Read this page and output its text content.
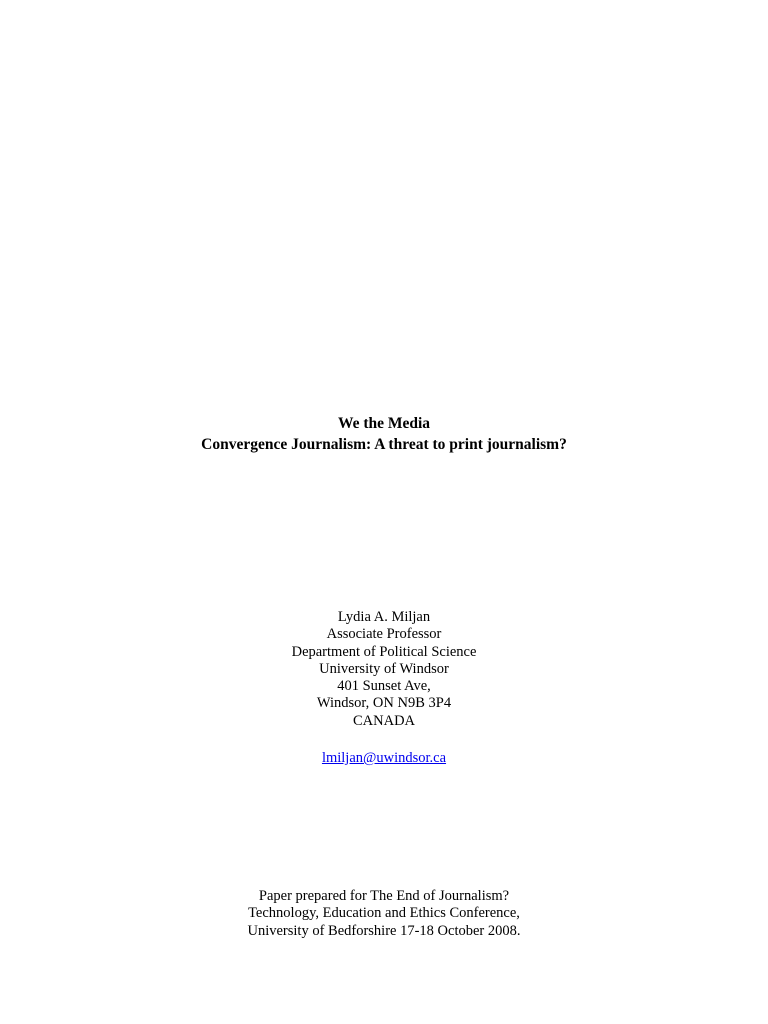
We the Media
Convergence Journalism: A threat to print journalism?
Lydia A. Miljan
Associate Professor
Department of Political Science
University of Windsor
401 Sunset Ave,
Windsor, ON N9B 3P4
CANADA
lmiljan@uwindsor.ca
Paper prepared for The End of Journalism?
Technology, Education and Ethics Conference,
University of Bedforshire 17-18 October 2008.
